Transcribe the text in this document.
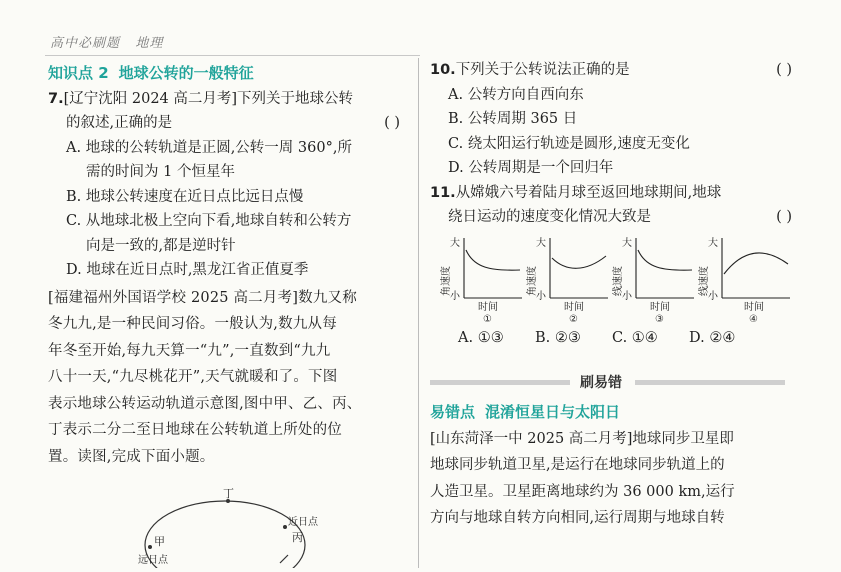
高中必刷题 地理
知识点 2 地球公转的一般特征
7.[辽宁沈阳 2024 高二月考]下列关于地球公转
的叙述,正确的是	( )
A. 地球的公转轨道是正圆,公转一周 360°,所
需的时间为 1 个恒星年
B. 地球公转速度在近日点比远日点慢
C. 从地球北极上空向下看,地球自转和公转方
向是一致的,都是逆时针
D. 地球在近日点时,黑龙江省正值夏季
[福建福州外国语学校 2025 高二月考]数九又称
冬九九,是一种民间习俗。一般认为,数九从每
年冬至开始,每九天算一“九”,一直数到“九九
八十一天,“九尽桃花开”,天气就暖和了。下图
表示地球公转运动轨道示意图,图中甲、乙、丙、
丁表示二分二至日地球在公转轨道上所处的位
置。读图,完成下面小题。
丁
近日点
丙
甲
远日点
10.下列关于公转说法正确的是	( )
A. 公转方向自西向东
B. 公转周期 365 日
C. 绕太阳运行轨迹是圆形,速度无变化
D. 公转周期是一个回归年
11.从嫦娥六号着陆月球至返回地球期间,地球
绕日运动的速度变化情况大致是	( )
角速度
大
小
时间
①
角速度
大
小
时间
②
线速度
大
小
时间
③
线速度
大
小
时间
④
A. ①③ B. ②③ C. ①④ D. ②④
刷易错
易错点 混淆恒星日与太阳日
[山东菏泽一中 2025 高二月考]地球同步卫星即
地球同步轨道卫星,是运行在地球同步轨道上的
人造卫星。卫星距离地球约为 36 000 km,运行
方向与地球自转方向相同,运行周期与地球自转
